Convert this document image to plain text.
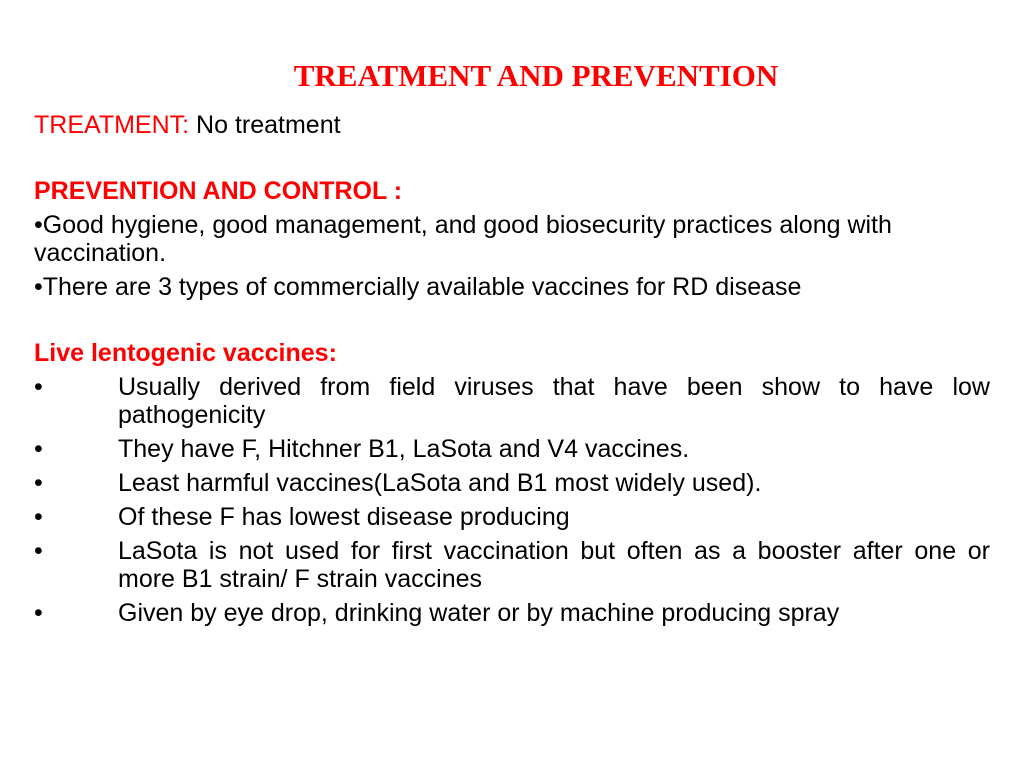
TREATMENT AND PREVENTION

TREATMENT: No treatment

PREVENTION AND CONTROL :

•Good hygiene, good management, and good biosecurity practices along with vaccination.

•There are 3 types of commercially available vaccines for RD disease

Live lentogenic vaccines:

•	Usually derived from field viruses that have been show to have low pathogenicity
•	They have F, Hitchner B1, LaSota and V4 vaccines.
•	Least harmful vaccines(LaSota and B1 most widely used).
•	Of these F has lowest disease producing
•	LaSota is not used for first vaccination but often as a booster after one or    more B1 strain/ F strain vaccines
•	Given by eye drop, drinking water or by machine producing spray
